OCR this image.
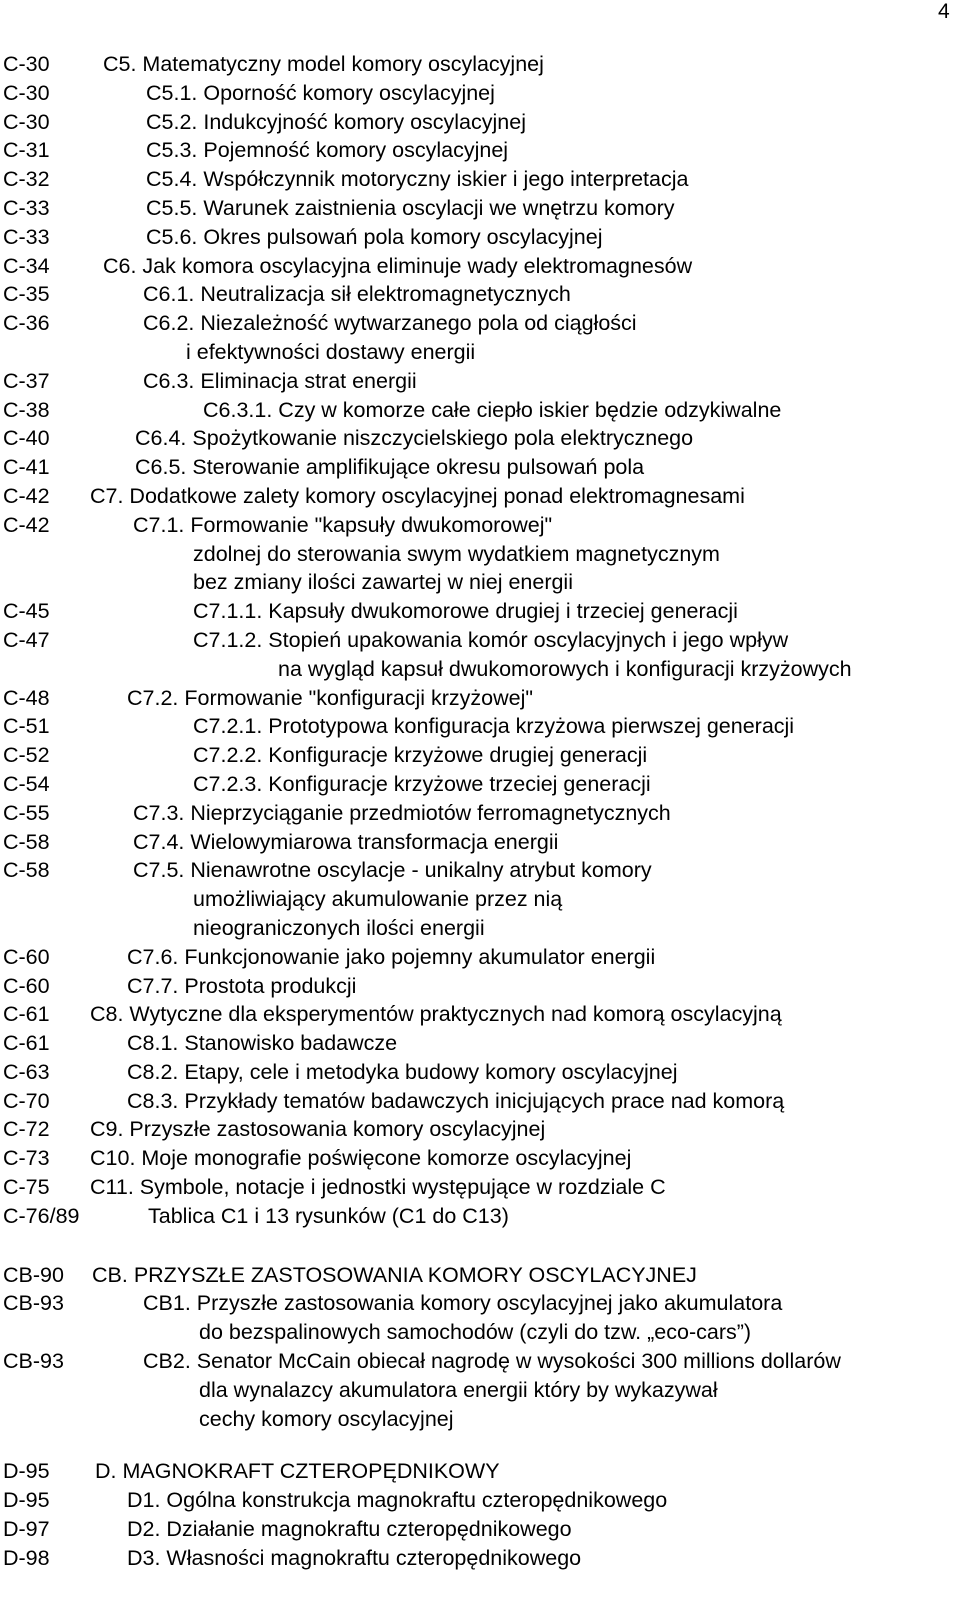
4
C-30 C5. Matematyczny model komory oscylacyjnej
C-30	C5.1. Oporność komory oscylacyjnej
C-30	C5.2. Indukcyjność komory oscylacyjnej
C-31	C5.3. Pojemność komory oscylacyjnej
C-32	C5.4. Współczynnik motoryczny iskier i jego interpretacja
C-33	C5.5. Warunek zaistnienia oscylacji we wnętrzu komory
C-33	C5.6. Okres pulsowań pola komory oscylacyjnej
C-34 C6. Jak komora oscylacyjna eliminuje wady elektromagnesów
C-35	C6.1. Neutralizacja sił elektromagnetycznych
C-36	C6.2. Niezależność wytwarzanego pola od ciągłości
i efektywności dostawy energii
C-37	C6.3. Eliminacja strat energii
C-38	C6.3.1. Czy w komorze całe ciepło iskier będzie odzykiwalne
C-40	C6.4. Spożytkowanie niszczycielskiego pola elektrycznego
C-41	C6.5. Sterowanie amplifikujące okresu pulsowań pola
C-42 C7. Dodatkowe zalety komory oscylacyjnej ponad elektromagnesami
C-42	C7.1. Formowanie "kapsuły dwukomorowej"
zdolnej do sterowania swym wydatkiem magnetycznym
bez zmiany ilości zawartej w niej energii
C-45	C7.1.1. Kapsuły dwukomorowe drugiej i trzeciej generacji
C-47	C7.1.2. Stopień upakowania komór oscylacyjnych i jego wpływ
na wygląd kapsuł dwukomorowych i konfiguracji krzyżowych
C-48	C7.2. Formowanie "konfiguracji krzyżowej"
C-51	C7.2.1. Prototypowa konfiguracja krzyżowa pierwszej generacji
C-52	C7.2.2. Konfiguracje krzyżowe drugiej generacji
C-54	C7.2.3. Konfiguracje krzyżowe trzeciej generacji
C-55	C7.3. Nieprzyciąganie przedmiotów ferromagnetycznych
C-58	C7.4. Wielowymiarowa transformacja energii
C-58	C7.5. Nienawrotne oscylacje - unikalny atrybut komory
umożliwiający akumulowanie przez nią
nieograniczonych ilości energii
C-60	C7.6. Funkcjonowanie jako pojemny akumulator energii
C-60	C7.7. Prostota produkcji
C-61 C8. Wytyczne dla eksperymentów praktycznych nad komorą oscylacyjną
C-61	C8.1. Stanowisko badawcze
C-63	C8.2. Etapy, cele i metodyka budowy komory oscylacyjnej
C-70	C8.3. Przykłady tematów badawczych inicjujących prace nad komorą
C-72 C9. Przyszłe zastosowania komory oscylacyjnej
C-73 C10. Moje monografie poświęcone komorze oscylacyjnej
C-75 C11. Symbole, notacje i jednostki występujące w rozdziale C
C-76/89	Tablica C1 i 13 rysunków (C1 do C13)
CB-90 CB. PRZYSZŁE ZASTOSOWANIA KOMORY OSCYLACYJNEJ
CB-93	CB1. Przyszłe zastosowania komory oscylacyjnej jako akumulatora
do bezspalinowych samochodów (czyli do tzw. „eco-cars”)
CB-93	CB2. Senator McCain obiecał nagrodę w wysokości 300 millions dollarów
dla wynalazcy akumulatora energii który by wykazywał
cechy komory oscylacyjnej
D-95 D. MAGNOKRAFT CZTEROPĘDNIKOWY
D-95	D1. Ogólna konstrukcja magnokraftu czteropędnikowego
D-97	D2. Działanie magnokraftu czteropędnikowego
D-98	D3. Własności magnokraftu czteropędnikowego
